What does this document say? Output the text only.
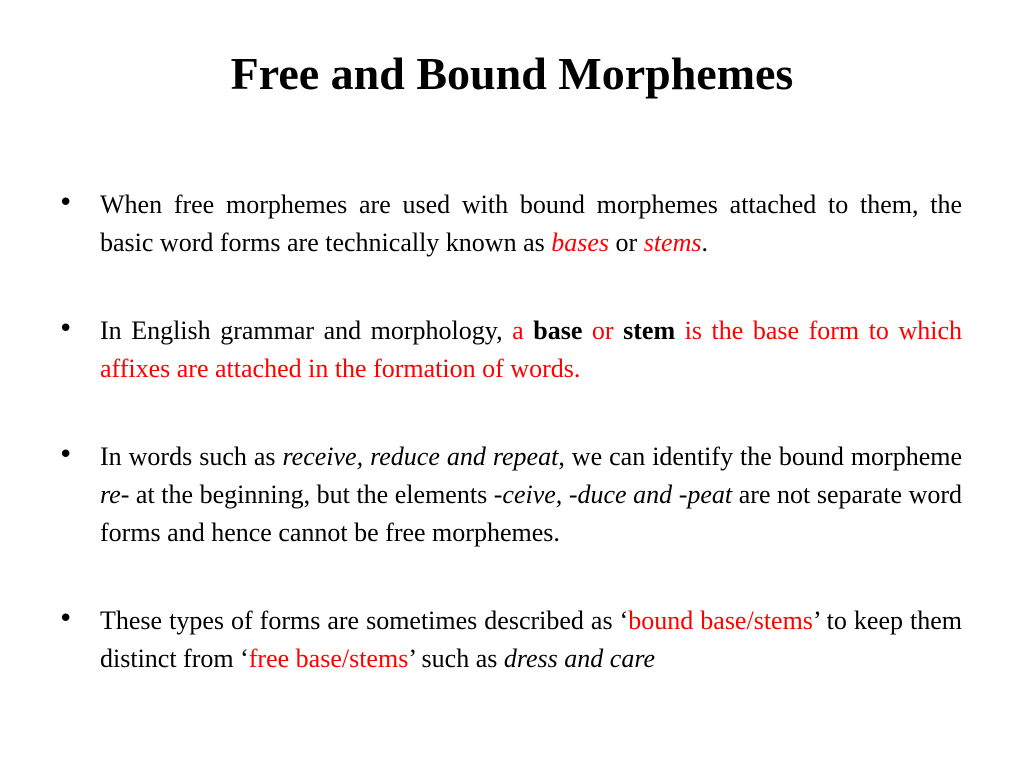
Free and Bound Morphemes
• When free morphemes are used with bound morphemes attached to them, the basic word forms are technically known as bases or stems.
• In English grammar and morphology, a base or stem is the base form to which affixes are attached in the formation of words.
• In words such as receive, reduce and repeat, we can identify the bound morpheme re- at the beginning, but the elements -ceive, -duce and -peat are not separate word forms and hence cannot be free morphemes.
• These types of forms are sometimes described as ‘bound base/stems’ to keep them distinct from ‘free base/stems’ such as dress and care
